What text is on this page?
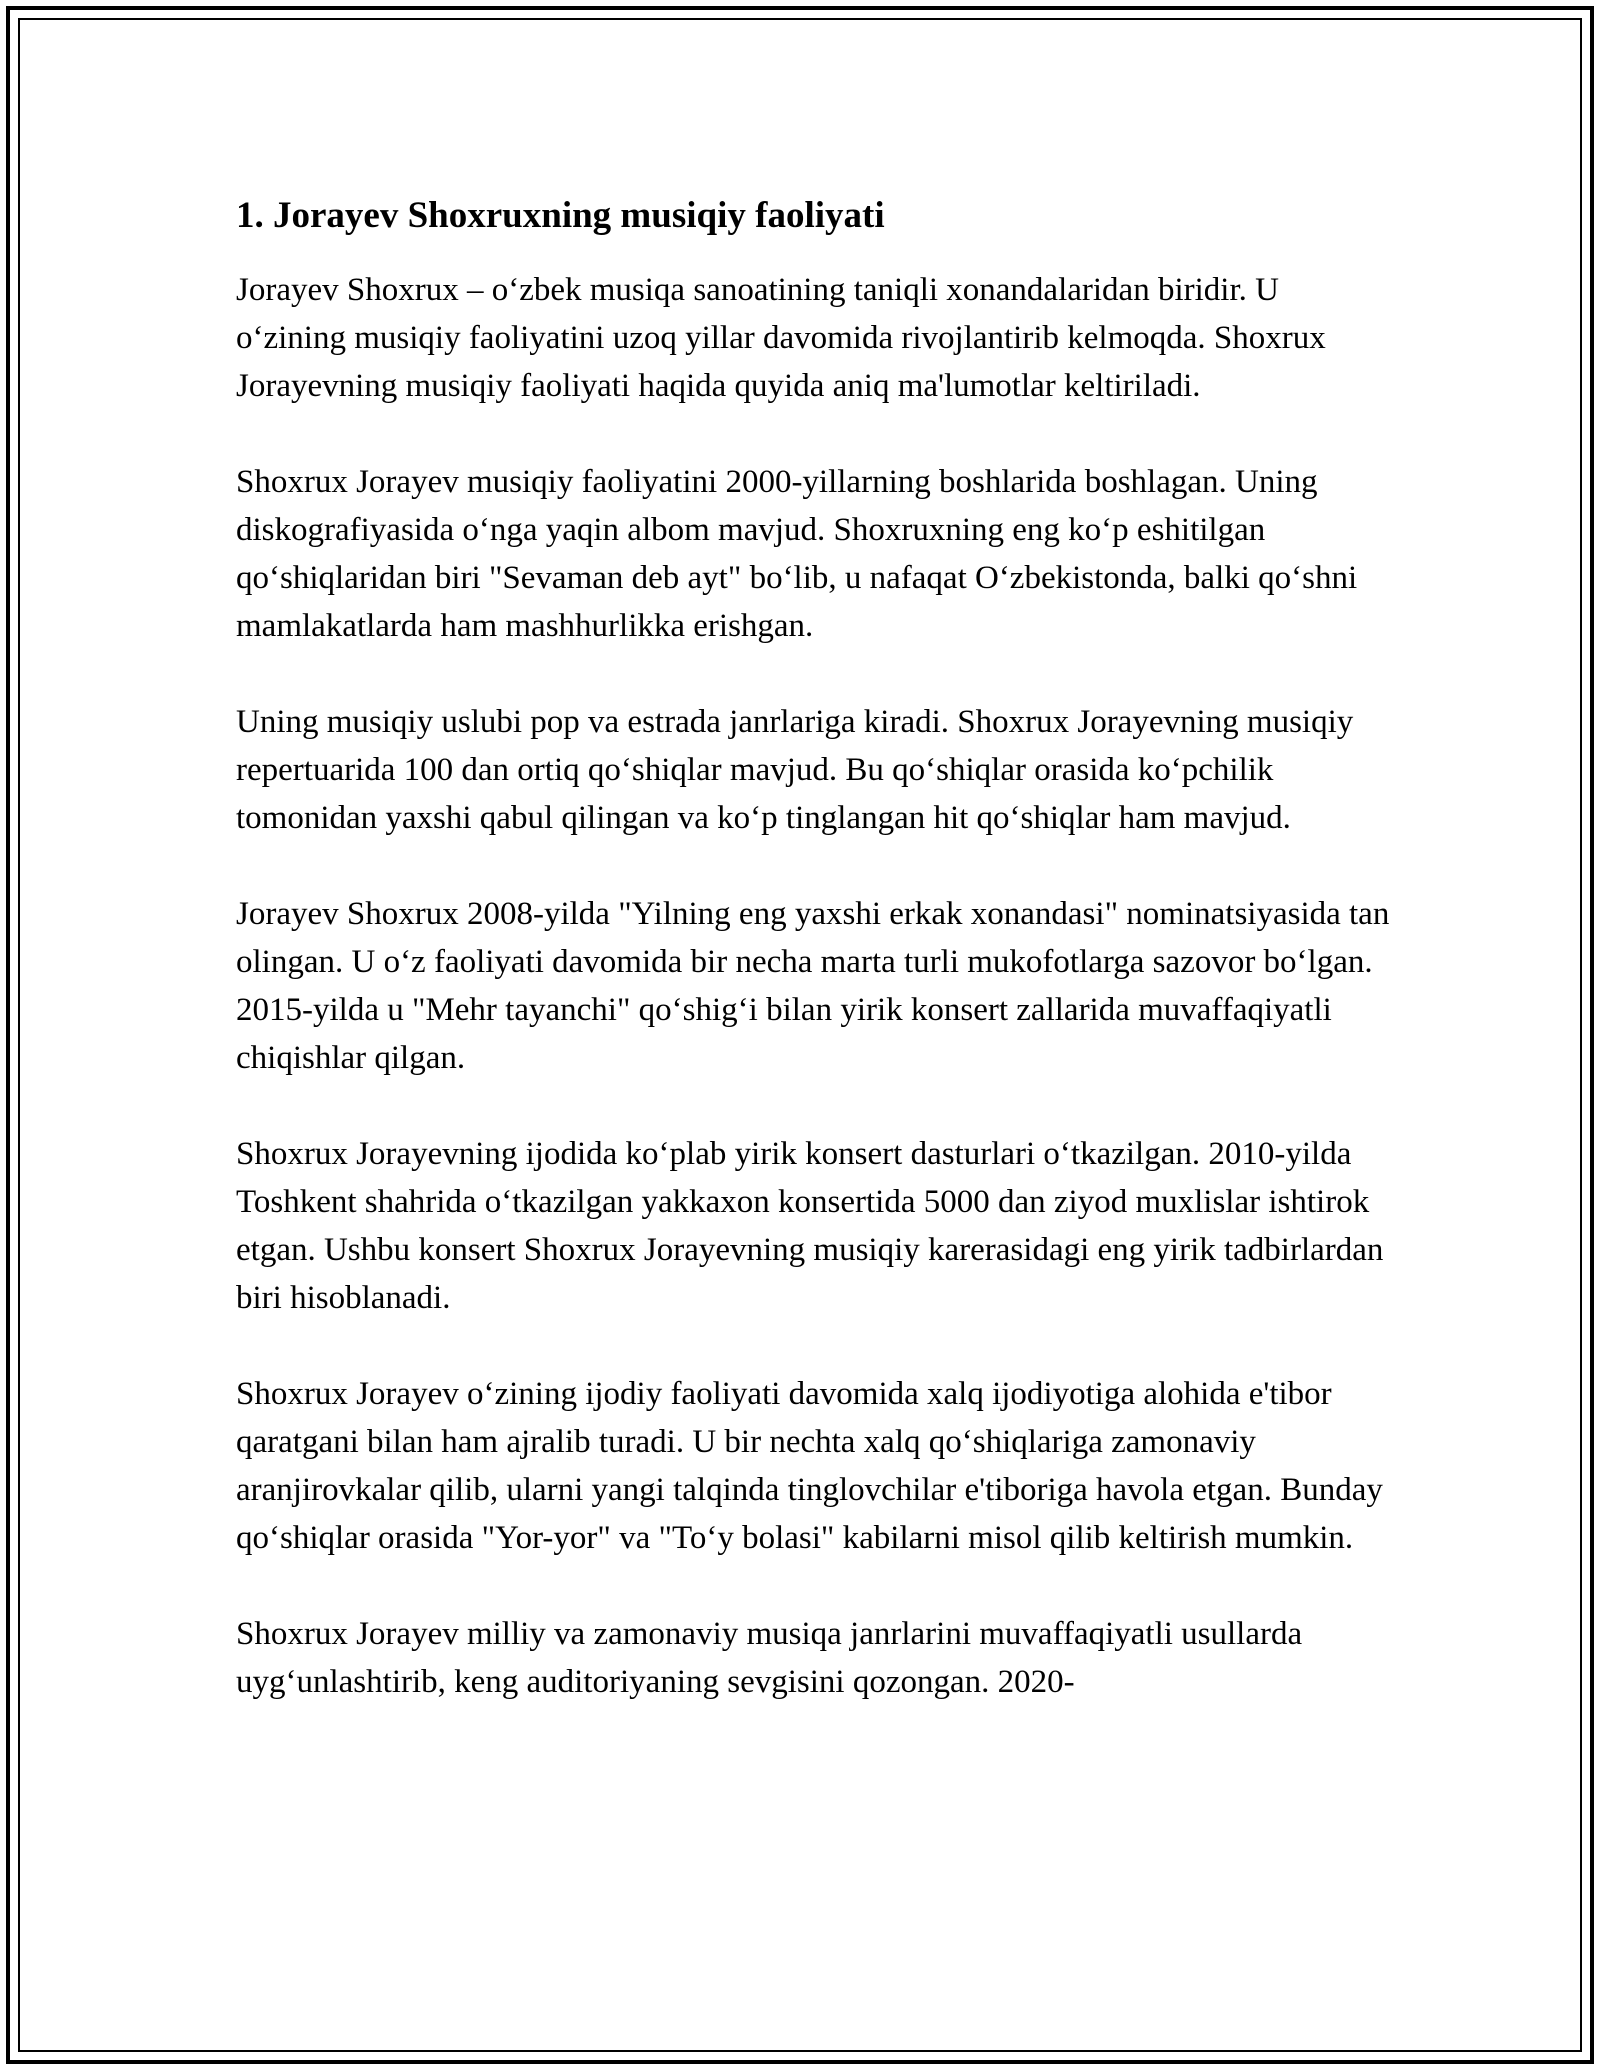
1. Jorayev Shoxruxning musiqiy faoliyati

Jorayev Shoxrux – o‘zbek musiqa sanoatining taniqli xonandalaridan biridir. U o‘zining musiqiy faoliyatini uzoq yillar davomida rivojlantirib kelmoqda. Shoxrux Jorayevning musiqiy faoliyati haqida quyida aniq ma'lumotlar keltiriladi.

Shoxrux Jorayev musiqiy faoliyatini 2000-yillarning boshlarida boshlagan. Uning diskografiyasida o‘nga yaqin albom mavjud. Shoxruxning eng ko‘p eshitilgan qo‘shiqlaridan biri "Sevaman deb ayt" bo‘lib, u nafaqat O‘zbekistonda, balki qo‘shni mamlakatlarda ham mashhurlikka erishgan.

Uning musiqiy uslubi pop va estrada janrlariga kiradi. Shoxrux Jorayevning musiqiy repertuarida 100 dan ortiq qo‘shiqlar mavjud. Bu qo‘shiqlar orasida ko‘pchilik tomonidan yaxshi qabul qilingan va ko‘p tinglangan hit qo‘shiqlar ham mavjud.

Jorayev Shoxrux 2008-yilda "Yilning eng yaxshi erkak xonandasi" nominatsiyasida tan olingan. U o‘z faoliyati davomida bir necha marta turli mukofotlarga sazovor bo‘lgan. 2015-yilda u "Mehr tayanchi" qo‘shig‘i bilan yirik konsert zallarida muvaffaqiyatli chiqishlar qilgan.

Shoxrux Jorayevning ijodida ko‘plab yirik konsert dasturlari o‘tkazilgan. 2010-yilda Toshkent shahrida o‘tkazilgan yakkaxon konsertida 5000 dan ziyod muxlislar ishtirok etgan. Ushbu konsert Shoxrux Jorayevning musiqiy karerasidagi eng yirik tadbirlardan biri hisoblanadi.

Shoxrux Jorayev o‘zining ijodiy faoliyati davomida xalq ijodiyotiga alohida e'tibor qaratgani bilan ham ajralib turadi. U bir nechta xalq qo‘shiqlariga zamonaviy aranjirovkalar qilib, ularni yangi talqinda tinglovchilar e'tiboriga havola etgan. Bunday qo‘shiqlar orasida "Yor-yor" va "To‘y bolasi" kabilarni misol qilib keltirish mumkin.

Shoxrux Jorayev milliy va zamonaviy musiqa janrlarini muvaffaqiyatli usullarda uyg‘unlashtirib, keng auditoriyaning sevgisini qozongan. 2020-
